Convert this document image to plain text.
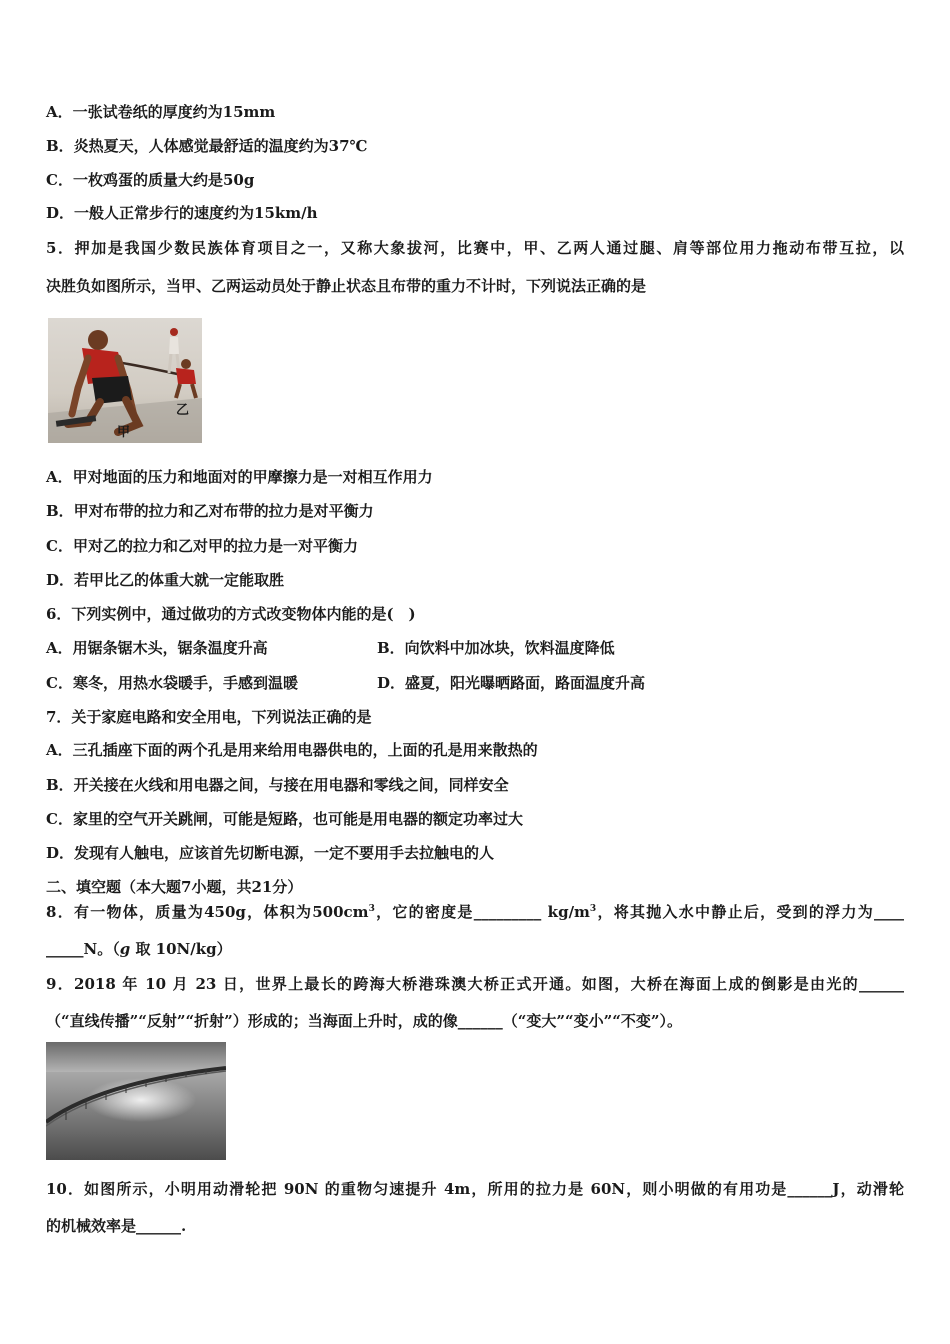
A．一张试卷纸的厚度约为15mm
B．炎热夏天，人体感觉最舒适的温度约为37℃
C．一枚鸡蛋的质量大约是50g
D．一般人正常步行的速度约为15km/h
5．押加是我国少数民族体育项目之一，又称大象拔河，比赛中，甲、乙两人通过腿、肩等部位用力拖动布带互拉，以
决胜负如图所示，当甲、乙两运动员处于静止状态且布带的重力不计时，下列说法正确的是
乙
甲
A．甲对地面的压力和地面对的甲摩擦力是一对相互作用力
B．甲对布带的拉力和乙对布带的拉力是对平衡力
C．甲对乙的拉力和乙对甲的拉力是一对平衡力
D．若甲比乙的体重大就一定能取胜
6．下列实例中，通过做功的方式改变物体内能的是(　)
A．用锯条锯木头，锯条温度升高	B．向饮料中加冰块，饮料温度降低
C．寒冬，用热水袋暖手，手感到温暖	D．盛夏，阳光曝晒路面，路面温度升高
7．关于家庭电路和安全用电，下列说法正确的是
A．三孔插座下面的两个孔是用来给用电器供电的，上面的孔是用来散热的
B．开关接在火线和用电器之间，与接在用电器和零线之间，同样安全
C．家里的空气开关跳闸，可能是短路，也可能是用电器的额定功率过大
D．发现有人触电，应该首先切断电源，一定不要用手去拉触电的人
二、填空题（本大题7小题，共21分）
8．有一物体，质量为450g，体积为$500cm^3$，它的密度是_________ $kg/m^3$，将其抛入水中静止后，受到的浮力为____
_____N。（g 取 10N/kg）
9．2018 年 10 月 23 日，世界上最长的跨海大桥港珠澳大桥正式开通。如图，大桥在海面上成的倒影是由光的______
（“直线传播”“反射”“折射”）形成的；当海面上升时，成的像______（“变大”“变小”“不变”）。
10．如图所示，小明用动滑轮把 90N 的重物匀速提升 4m，所用的拉力是 60N，则小明做的有用功是______J，动滑轮
的机械效率是______.
